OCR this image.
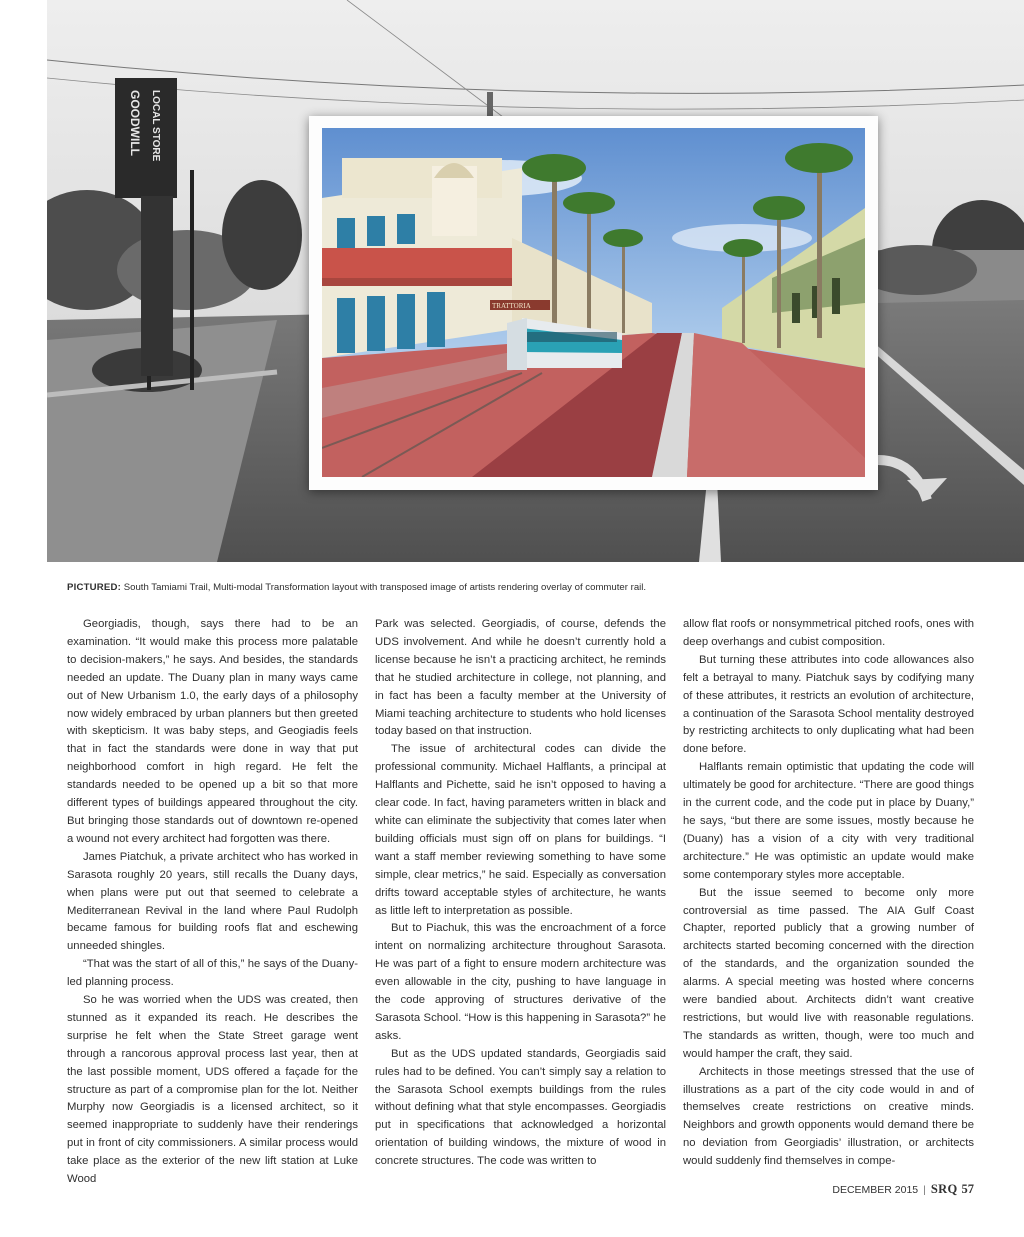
GOODWILL LOCAL STORE
TRATTORIA
PICTURED: South Tamiami Trail, Multi-modal Transformation layout with transposed image of artists rendering overlay of commuter rail.

Georgiadis, though, says there had to be an examination. “It would make this process more palatable to decision-makers,” he says. And besides, the standards needed an update. The Duany plan in many ways came out of New Urbanism 1.0, the early days of a philosophy now widely embraced by urban planners but then greeted with skepticism. It was baby steps, and Geogiadis feels that in fact the standards were done in way that put neighborhood comfort in high regard. He felt the standards needed to be opened up a bit so that more different types of buildings appeared throughout the city. But bringing those standards out of downtown re-opened a wound not every architect had forgotten was there.

James Piatchuk, a private architect who has worked in Sarasota roughly 20 years, still recalls the Duany days, when plans were put out that seemed to celebrate a Mediterranean Revival in the land where Paul Rudolph became famous for building roofs flat and eschewing unneeded shingles.

“That was the start of all of this,” he says of the Duany-led planning process.

So he was worried when the UDS was created, then stunned as it expanded its reach. He describes the surprise he felt when the State Street garage went through a rancorous approval process last year, then at the last possible moment, UDS offered a façade for the structure as part of a compromise plan for the lot. Neither Murphy now Georgiadis is a licensed architect, so it seemed inappropriate to suddenly have their renderings put in front of city commissioners. A similar process would take place as the exterior of the new lift station at Luke Wood

Park was selected. Georgiadis, of course, defends the UDS involvement. And while he doesn’t currently hold a license because he isn’t a practicing architect, he reminds that he studied architecture in college, not planning, and in fact has been a faculty member at the University of Miami teaching architecture to students who hold licenses today based on that instruction.

The issue of architectural codes can divide the professional community. Michael Halflants, a principal at Halflants and Pichette, said he isn’t opposed to having a clear code. In fact, having parameters written in black and white can eliminate the subjectivity that comes later when building officials must sign off on plans for buildings. “I want a staff member reviewing something to have some simple, clear metrics,” he said. Especially as conversation drifts toward acceptable styles of architecture, he wants as little left to interpretation as possible.

But to Piachuk, this was the encroachment of a force intent on normalizing architecture throughout Sarasota. He was part of a fight to ensure modern architecture was even allowable in the city, pushing to have language in the code approving of structures derivative of the Sarasota School. “How is this happening in Sarasota?” he asks.

But as the UDS updated standards, Georgiadis said rules had to be defined. You can’t simply say a relation to the Sarasota School exempts buildings from the rules without defining what that style encompasses. Georgiadis put in specifications that acknowledged a horizontal orientation of building windows, the mixture of wood in concrete structures. The code was written to

allow flat roofs or nonsymmetrical pitched roofs, ones with deep overhangs and cubist composition.

But turning these attributes into code allowances also felt a betrayal to many. Piatchuk says by codifying many of these attributes, it restricts an evolution of architecture, a continuation of the Sarasota School mentality destroyed by restricting architects to only duplicating what had been done before.

Halflants remain optimistic that updating the code will ultimately be good for architecture. “There are good things in the current code, and the code put in place by Duany,” he says, “but there are some issues, mostly because he (Duany) has a vision of a city with very traditional architecture.” He was optimistic an update would make some contemporary styles more acceptable.

But the issue seemed to become only more controversial as time passed. The AIA Gulf Coast Chapter, reported publicly that a growing number of architects started becoming concerned with the direction of the standards, and the organization sounded the alarms. A special meeting was hosted where concerns were bandied about. Architects didn’t want creative restrictions, but would live with reasonable regulations. The standards as written, though, were too much and would hamper the craft, they said.

Architects in those meetings stressed that the use of illustrations as a part of the city code would in and of themselves create restrictions on creative minds. Neighbors and growth opponents would demand there be no deviation from Georgiadis’ illustration, or architects would suddenly find themselves in compe-

DECEMBER 2015 | SRQ 57
